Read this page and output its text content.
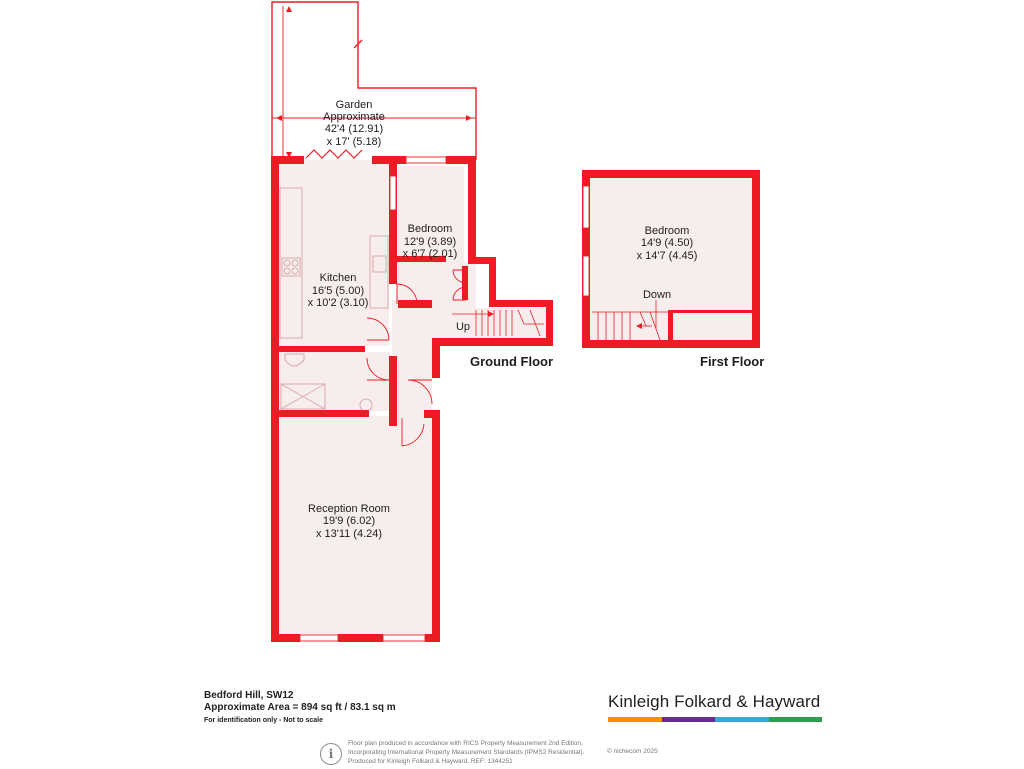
Garden
Approximate
42'4 (12.91)
x 17' (5.18)
Bedroom
12'9 (3.89)
x 6'7 (2.01)
Kitchen
16'5 (5.00)
x 10'2 (3.10)
Up
Ground Floor
Reception Room
19'9 (6.02)
x 13'11 (4.24)
Bedroom
14'9 (4.50)
x 14'7 (4.45)
Down
First Floor
Bedford Hill, SW12
Approximate Area = 894 sq ft / 83.1 sq m
For identification only - Not to scale
Kinleigh Folkard & Hayward
i
Floor plan produced in accordance with RICS Property Measurement 2nd Edition,
Incorporating International Property Measurement Standards (IPMS2 Residential).
Produced for Kinleigh Folkard & Hayward. REF: 1344251
© nichecom 2025
